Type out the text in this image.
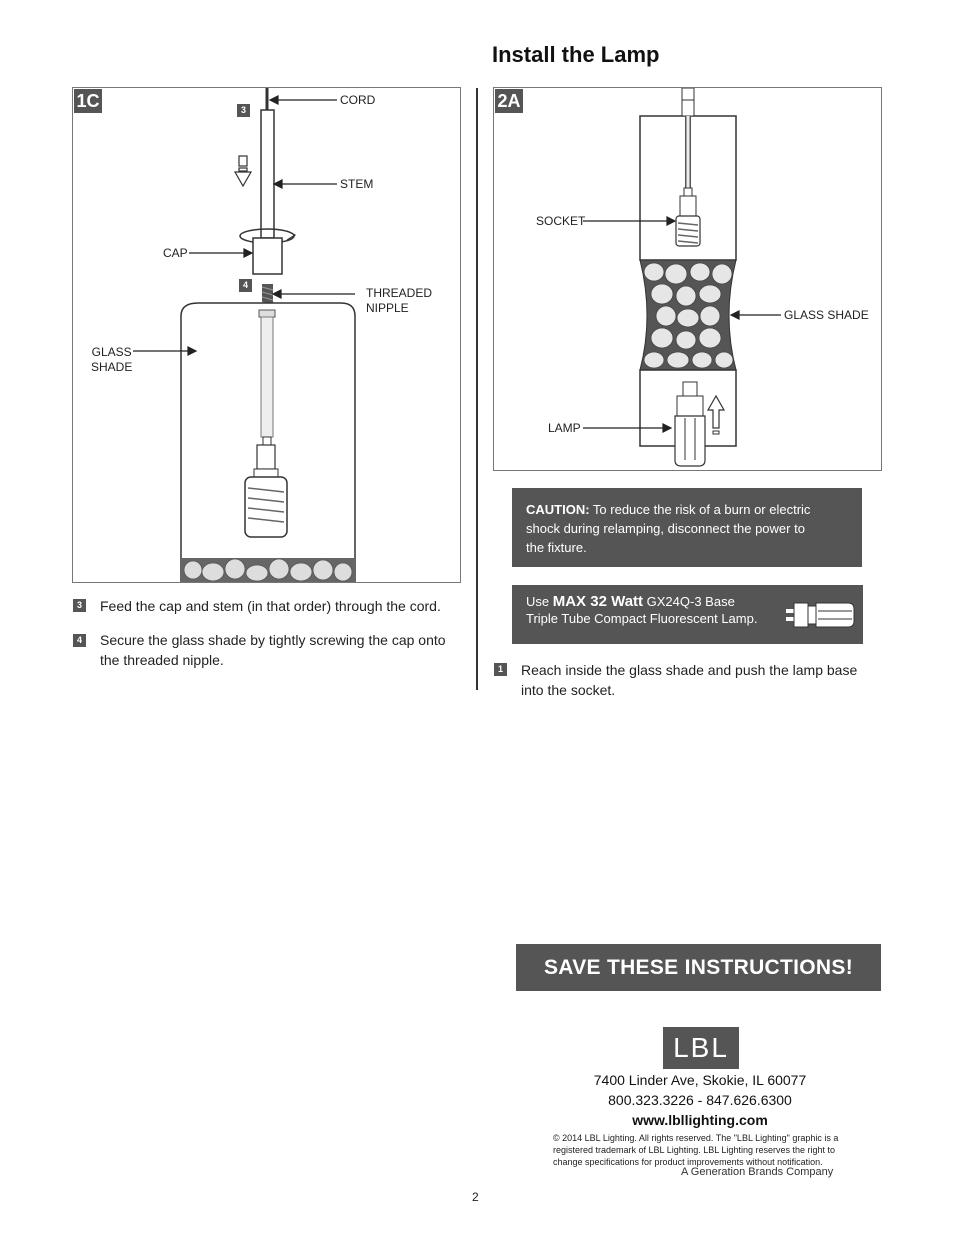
Install the Lamp
1C	3
4
CORD
STEM
CAP
THREADED
NIPPLE
GLASS
SHADE
3 Feed the cap and stem (in that order) through the cord.
4 Secure the glass shade by tightly screwing the cap onto
the threaded nipple.
2A
SOCKET
GLASS SHADE
LAMP
CAUTION: To reduce the risk of a burn or electric
shock during relamping, disconnect the power to
the fixture.
Use MAX 32 Watt GX24Q-3 Base
Triple Tube Compact Fluorescent Lamp.
1 Reach inside the glass shade and push the lamp base
into the socket.
SAVE THESE INSTRUCTIONS!
LBL
7400 Linder Ave, Skokie, IL 60077
800.323.3226 - 847.626.6300
www.lbllighting.com
© 2014 LBL Lighting. All rights reserved. The "LBL Lighting" graphic is a
registered trademark of LBL Lighting. LBL Lighting reserves the right to
change specifications for product improvements without notification.
A Generation Brands Company
2
